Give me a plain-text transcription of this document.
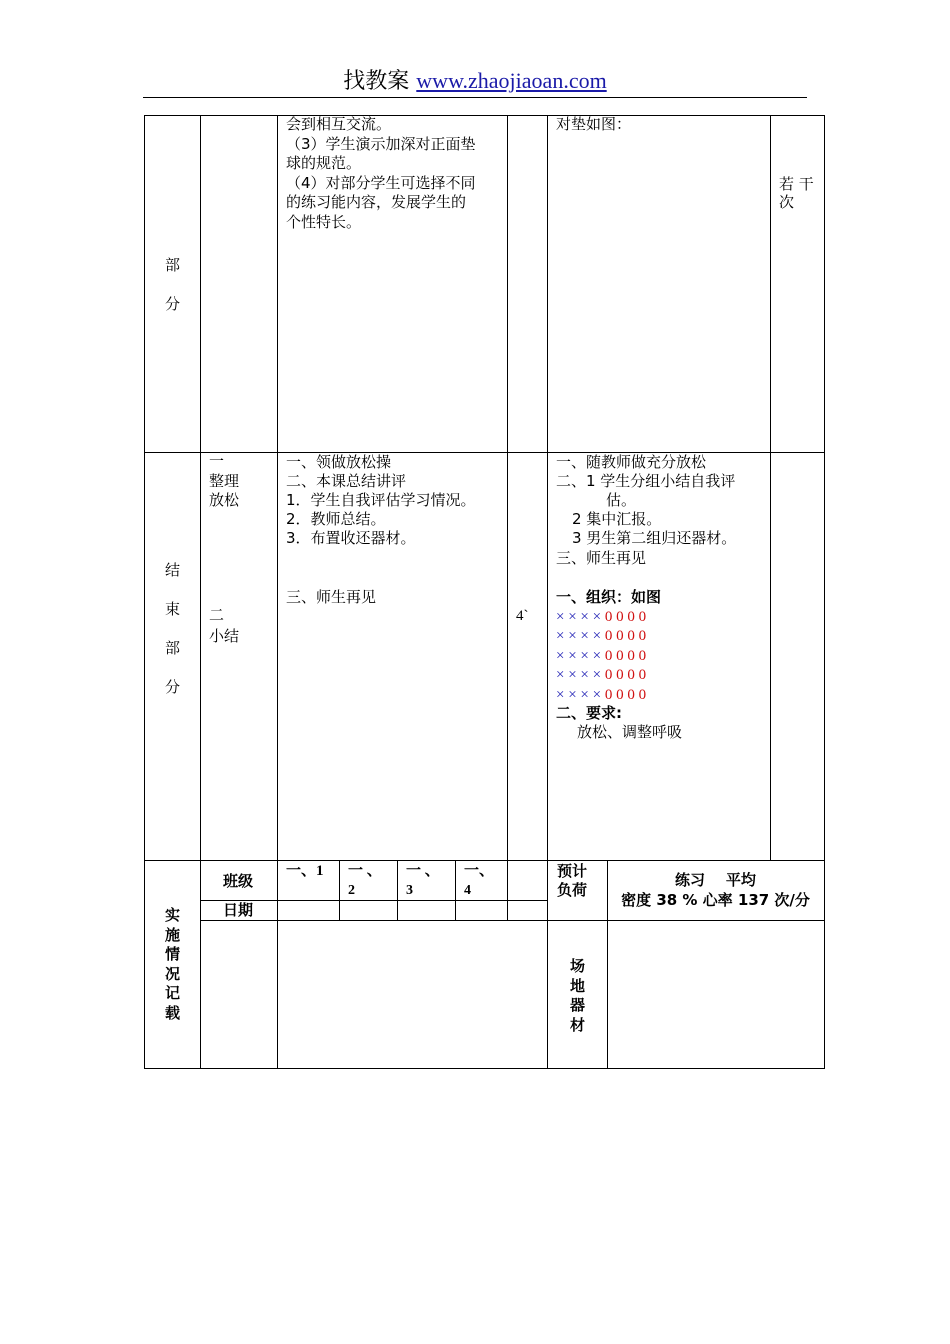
找教案 www.zhaojiaoan.com
部
分
会到相互交流。
（3）学生演示加深对正面垫
球的规范。
（4）对部分学生可选择不同
的练习能内容，发展学生的
个性特长。
对垫如图：
若 干
次
结
束
部
分
一
整理
放松
二
小结
一、领做放松操
二、本课总结讲评
1．学生自我评估学习情况。
2．教师总结。
3．布置收还器材。
三、师生再见
4`
一、随教师做充分放松
二、1 学生分组小结自我评
估。
2 集中汇报。
3 男生第二组归还器材。
三、师生再见
一、组织：如图
× × × × 0 0 0 0
× × × × 0 0 0 0
× × × × 0 0 0 0
× × × × 0 0 0 0
× × × × 0 0 0 0
二、要求:
放松、调整呼吸
实
施
情
况
记
载
班级
日期
一、1 一 、
2
一 、
3
一、
4
预计
负荷
练习    平均
密度 38 % 心率 137 次/分
场
地
器
材
